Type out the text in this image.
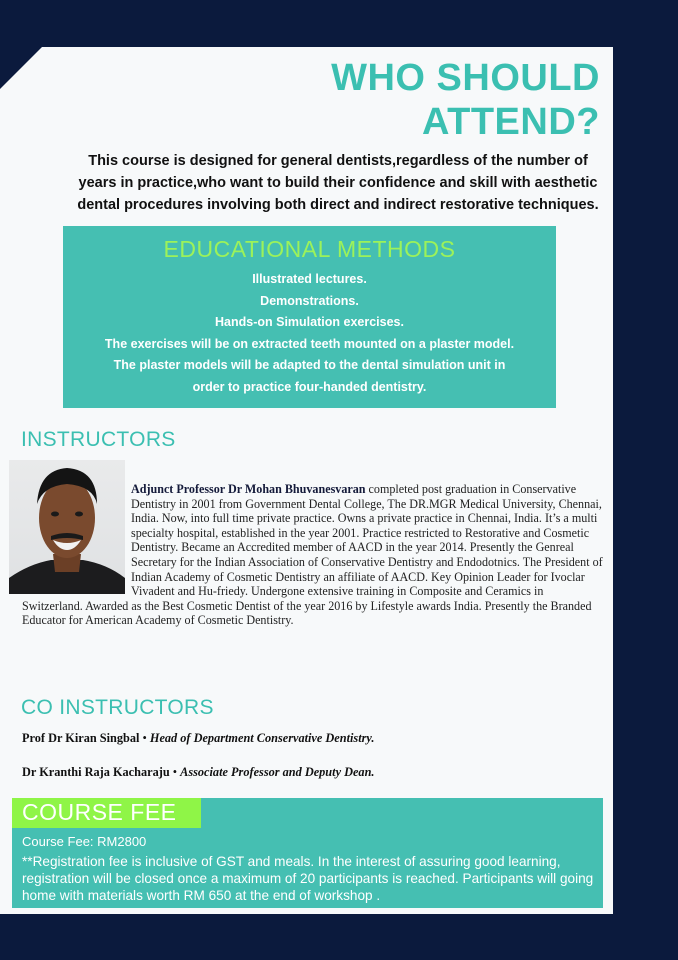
WHO SHOULD
ATTEND?
This course is designed for general dentists,regardless of the number of
years in practice,who want to build their confidence and skill with aesthetic
dental procedures involving both direct and indirect restorative techniques.
EDUCATIONAL METHODS
Illustrated lectures.
Demonstrations.
Hands-on Simulation exercises.
The exercises will be on extracted teeth mounted on a plaster model.
The plaster models will be adapted to the dental simulation unit in
order to practice four-handed dentistry.
INSTRUCTORS
Adjunct Professor Dr Mohan Bhuvanesvaran completed post graduation in Conservative Dentistry in 2001 from Government Dental College, The DR.MGR Medical University, Chennai, India. Now, into full time private practice. Owns a private practice in Chennai, India. It’s a multi specialty hospital, established in the year 2001. Practice restricted to Restorative and Cosmetic Dentistry. Became an Accredited member of AACD in the year 2014. Presently the Genreal Secretary for the Indian Association of Conservative Dentistry and Endodotnics. The President of Indian Academy of Cosmetic Dentistry an affiliate of AACD. Key Opinion Leader for Ivoclar Vivadent and Hu-friedy. Undergone extensive training in Composite and Ceramics in Switzerland. Awarded as the Best Cosmetic Dentist of the year 2016 by Lifestyle awards India. Presently the Branded Educator for American Academy of Cosmetic Dentistry.
CO INSTRUCTORS
Prof Dr Kiran Singbal • Head of Department Conservative Dentistry.
Dr Kranthi Raja Kacharaju • Associate Professor and Deputy Dean.
COURSE FEE
Course Fee: RM2800
**Registration fee is inclusive of GST and meals. In the interest of assuring good learning, registration will be closed once a maximum of 20 participants is reached. Participants will going home with materials worth RM 650 at the end of workshop .
